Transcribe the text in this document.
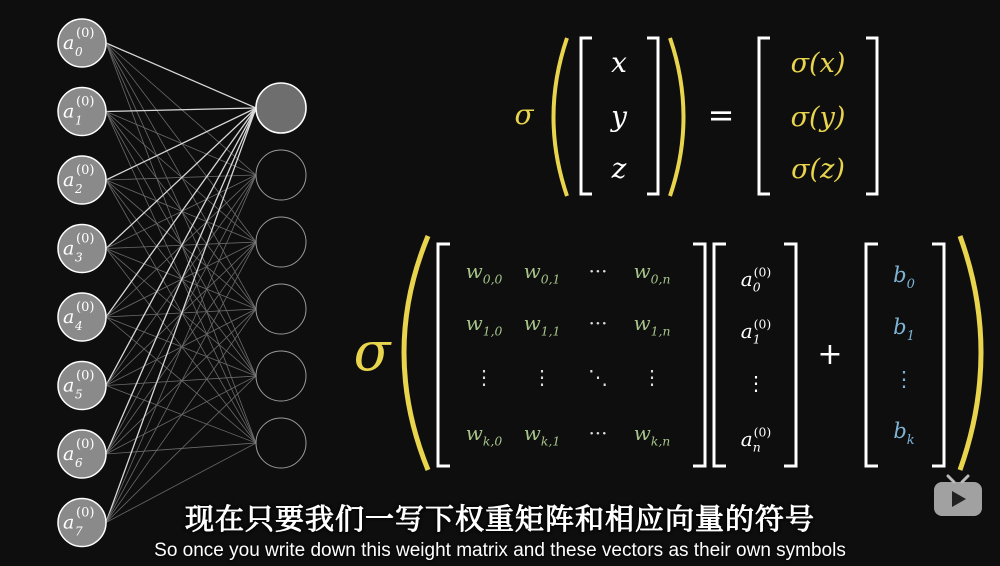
a 0
(0)
a 1
(0)
a 2
(0)
a 3
(0)
a 4
(0)
a 5
(0)
a 6
(0)
a 7
(0)
σ
x
y
z
=
σ(x)
σ(y)
σ(z)
σ
$w_{0,0}$ $w_{0,1}$ ··· $w_{0,n}$
$w_{1,0}$ $w_{1,1}$ ··· $w_{1,n}$
⋮ ⋮ ⋱ ⋮
$w_{k,0}$ $w_{k,1}$ ··· $w_{k,n}$
$a_0(0)$
$a_1(0)$
⋮
$a_n(0)$
+
$b_0$
$b_1$
⋮
$b_k$
现在只要我们一写下权重矩阵和相应向量的符号
So once you write down this weight matrix and these vectors as their own symbols
